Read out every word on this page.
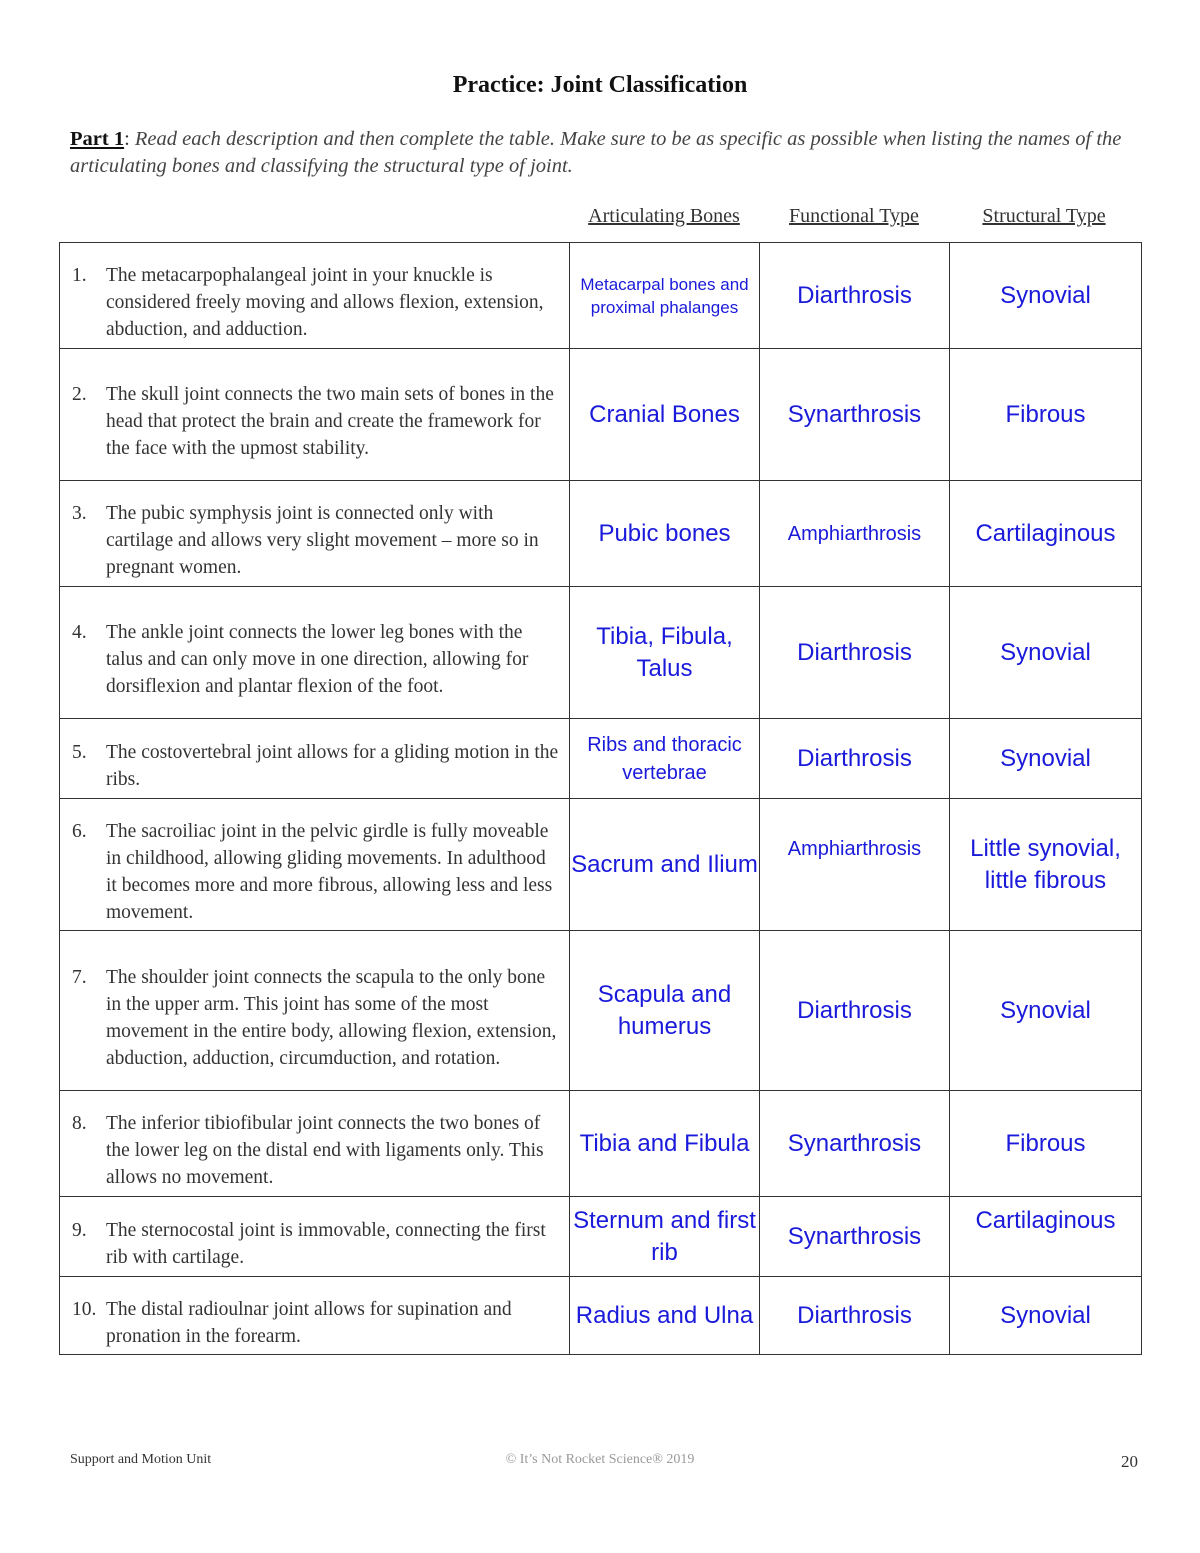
Practice: Joint Classification
Part 1: Read each description and then complete the table. Make sure to be as specific as possible when listing the names of the articulating bones and classifying the structural type of joint.
Articulating Bones	Functional Type	Structural Type
1. The metacarpophalangeal joint in your knuckle is considered freely moving and allows flexion, extension, abduction, and adduction.	Metacarpal bones and proximal phalanges	Diarthrosis	Synovial

2. The skull joint connects the two main sets of bones in the head that protect the brain and create the framework for the face with the upmost stability.	Cranial Bones	Synarthrosis	Fibrous

3. The pubic symphysis joint is connected only with cartilage and allows very slight movement – more so in pregnant women.	Pubic bones	Amphiarthrosis	Cartilaginous

4. The ankle joint connects the lower leg bones with the talus and can only move in one direction, allowing for dorsiflexion and plantar flexion of the foot.	Tibia, Fibula, Talus	Diarthrosis	Synovial

5. The costovertebral joint allows for a gliding motion in the ribs.	Ribs and thoracic vertebrae	Diarthrosis	Synovial

6. The sacroiliac joint in the pelvic girdle is fully moveable in childhood, allowing gliding movements. In adulthood it becomes more and more fibrous, allowing less and less movement.	Sacrum and Ilium	Amphiarthrosis	Little synovial, little fibrous

7. The shoulder joint connects the scapula to the only bone in the upper arm. This joint has some of the most movement in the entire body, allowing flexion, extension, abduction, adduction, circumduction, and rotation.	Scapula and humerus	Diarthrosis	Synovial

8. The inferior tibiofibular joint connects the two bones of the lower leg on the distal end with ligaments only. This allows no movement.	Tibia and Fibula	Synarthrosis	Fibrous

9. The sternocostal joint is immovable, connecting the first rib with cartilage.	Sternum and first rib	Synarthrosis	Cartilaginous

10. The distal radioulnar joint allows for supination and pronation in the forearm.	Radius and Ulna	Diarthrosis	Synovial
Support and Motion Unit	© It’s Not Rocket Science® 2019	20
